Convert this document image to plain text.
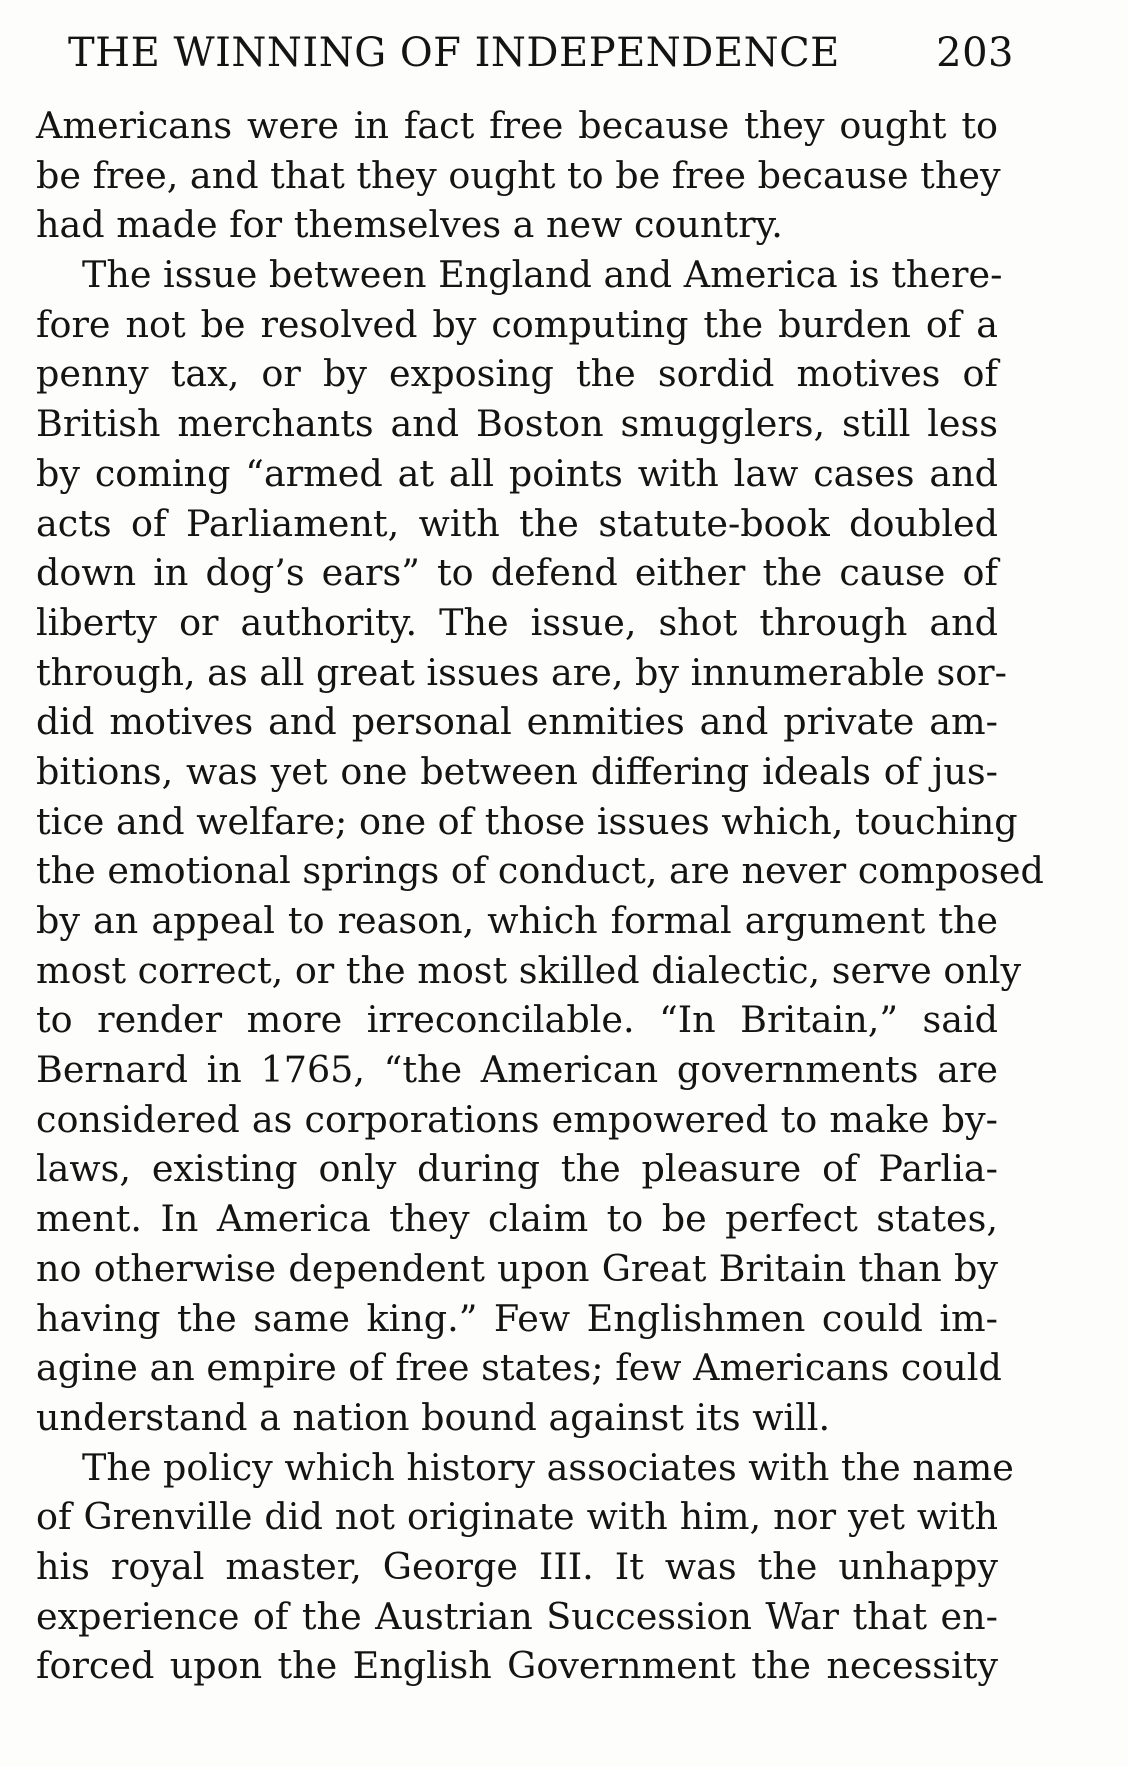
THE WINNING OF INDEPENDENCE 203
Americans were in fact free because they ought to
be free, and that they ought to be free because they
had made for themselves a new country.
The issue between England and America is there-
fore not be resolved by computing the burden of a
penny tax, or by exposing the sordid motives of
British merchants and Boston smugglers, still less
by coming “armed at all points with law cases and
acts of Parliament, with the statute-book doubled
down in dog’s ears” to defend either the cause of
liberty or authority. The issue, shot through and
through, as all great issues are, by innumerable sor-
did motives and personal enmities and private am-
bitions, was yet one between differing ideals of jus-
tice and welfare; one of those issues which, touching
the emotional springs of conduct, are never composed
by an appeal to reason, which formal argument the
most correct, or the most skilled dialectic, serve only
to render more irreconcilable. “In Britain,” said
Bernard in 1765, “the American governments are
considered as corporations empowered to make by-
laws, existing only during the pleasure of Parlia-
ment. In America they claim to be perfect states,
no otherwise dependent upon Great Britain than by
having the same king.” Few Englishmen could im-
agine an empire of free states; few Americans could
understand a nation bound against its will.
The policy which history associates with the name
of Grenville did not originate with him, nor yet with
his royal master, George III. It was the unhappy
experience of the Austrian Succession War that en-
forced upon the English Government the necessity
